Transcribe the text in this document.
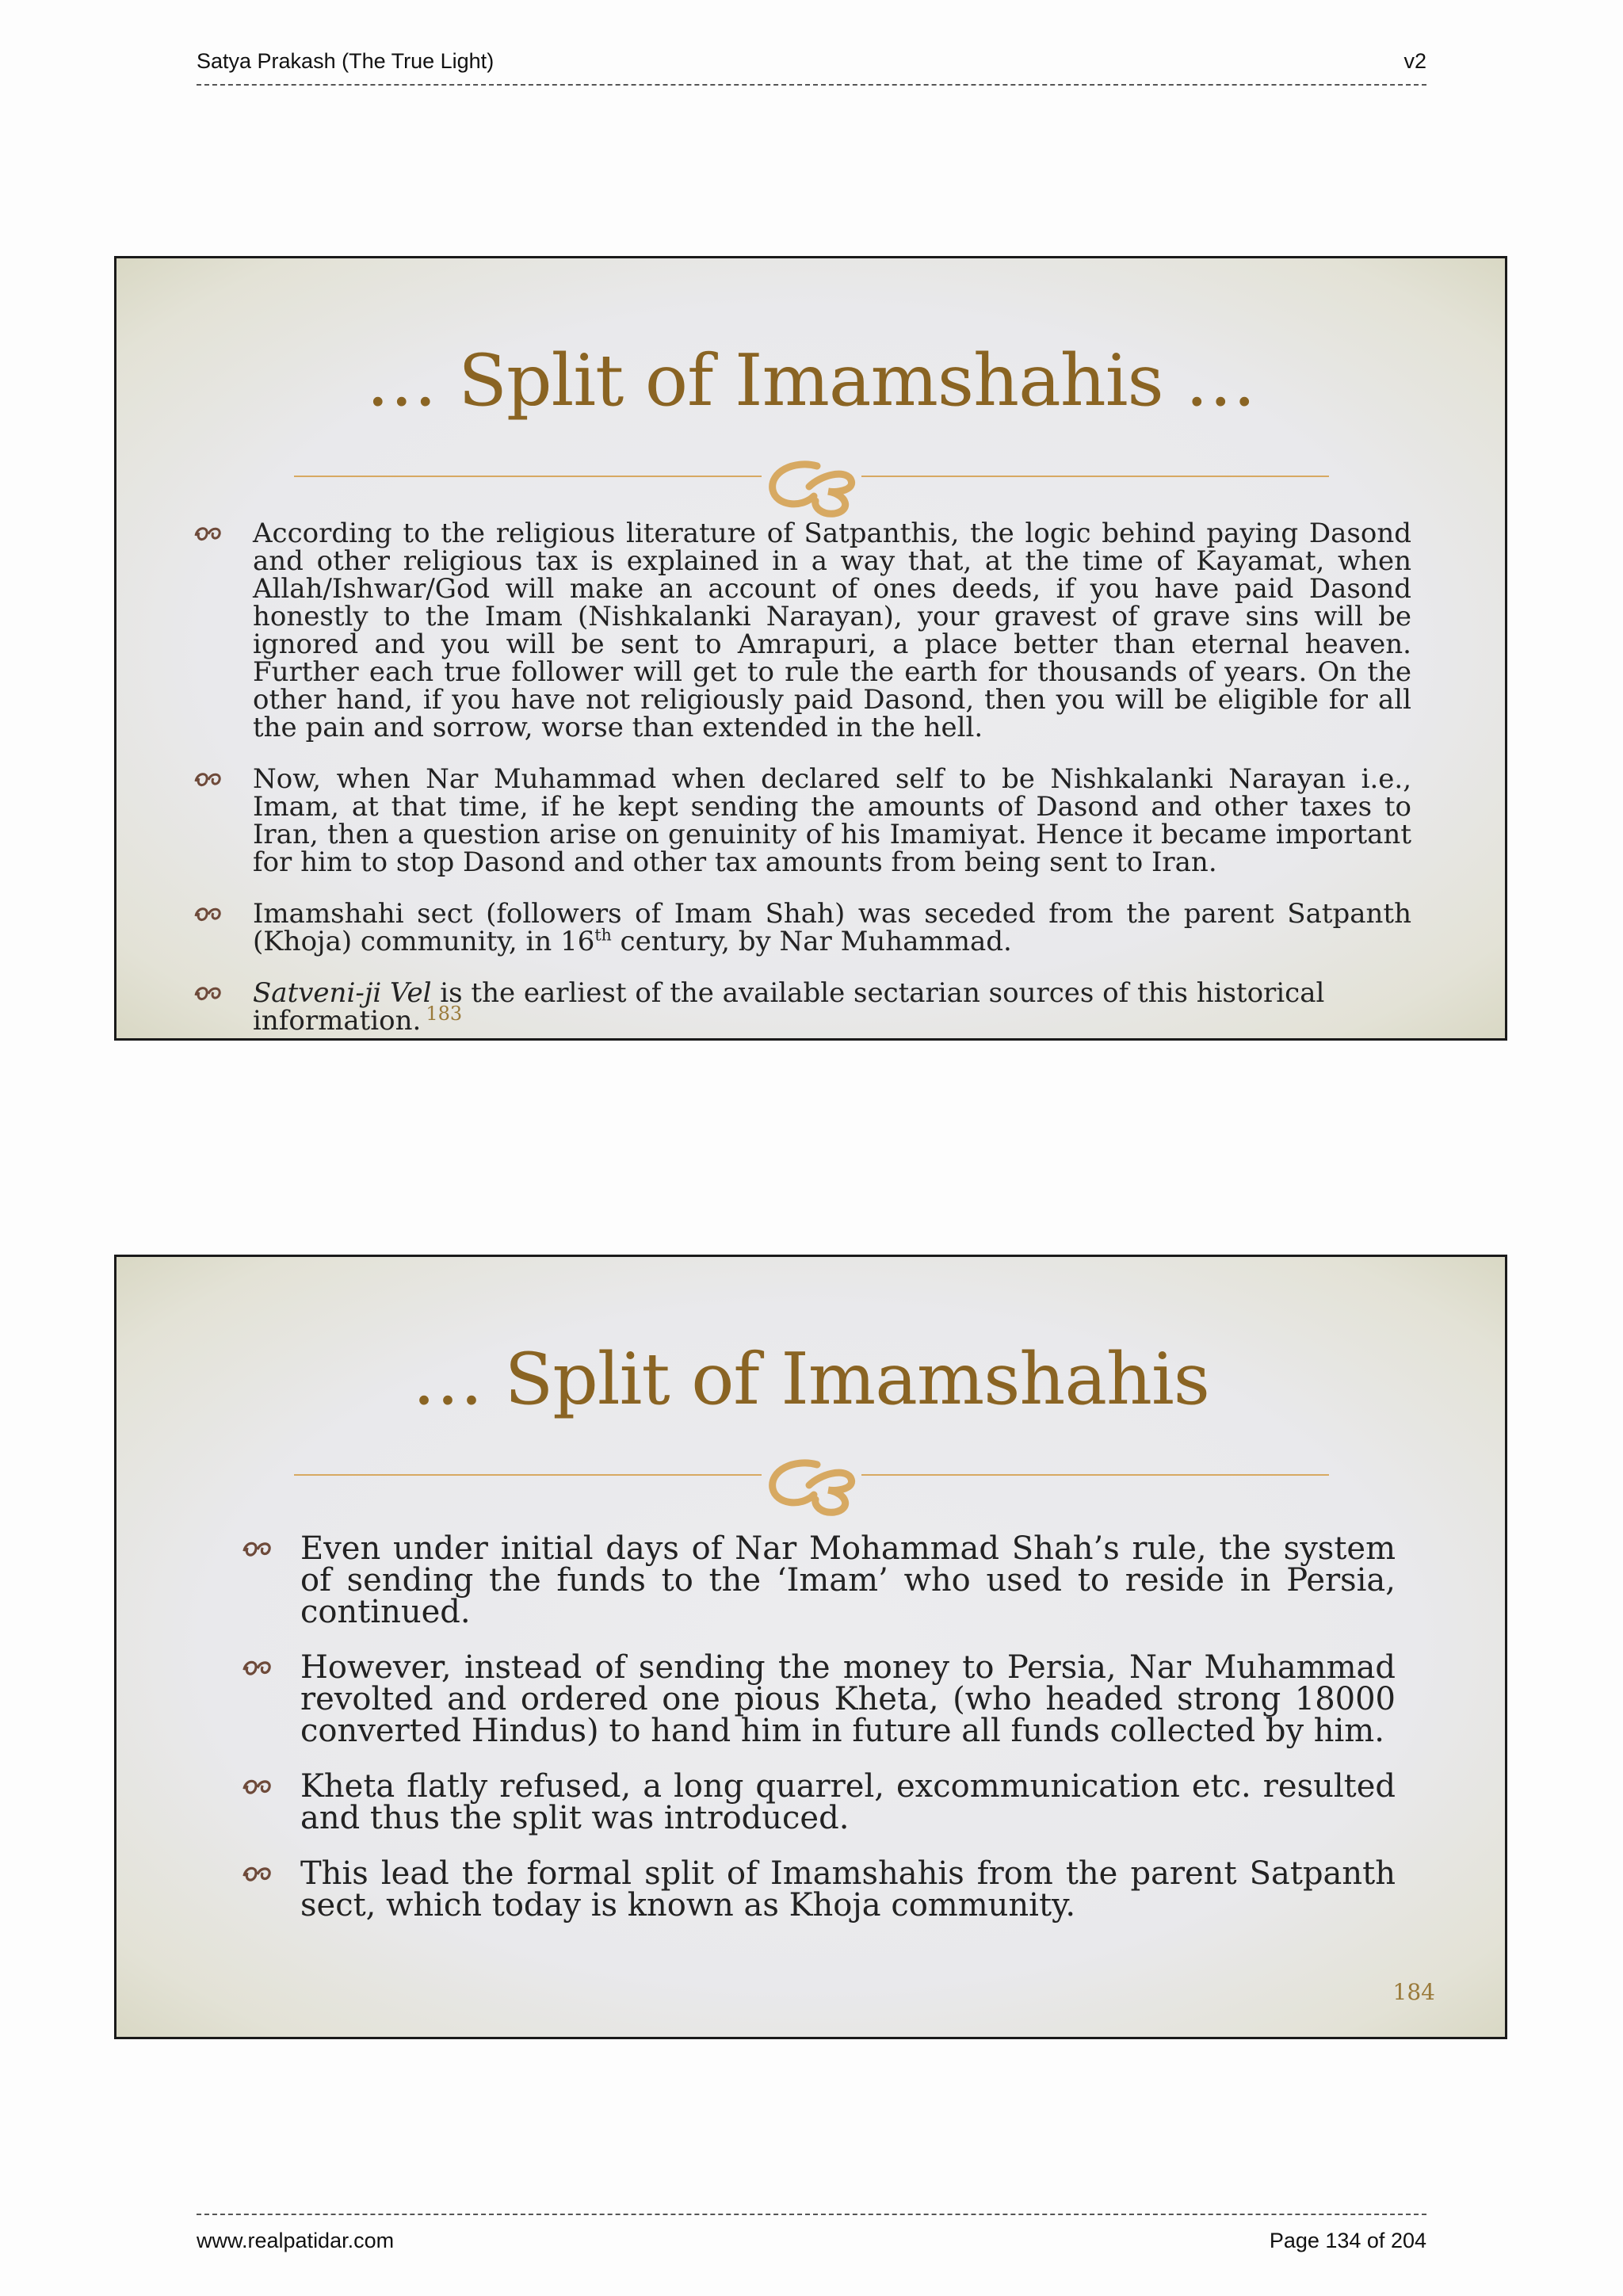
Satya Prakash (The True Light)	v2
… Split of Imamshahis …
According to the religious literature of Satpanthis, the logic behind paying Dasond and other religious tax is explained in a way that, at the time of Kayamat, when Allah/Ishwar/God will make an account of ones deeds, if you have paid Dasond honestly to the Imam (Nishkalanki Narayan), your gravest of grave sins will be ignored and you will be sent to Amrapuri, a place better than eternal heaven. Further each true follower will get to rule the earth for thousands of years. On the other hand, if you have not religiously paid Dasond, then you will be eligible for all the pain and sorrow, worse than extended in the hell.
Now, when Nar Muhammad when declared self to be Nishkalanki Narayan i.e., Imam, at that time, if he kept sending the amounts of Dasond and other taxes to Iran, then a question arise on genuinity of his Imamiyat. Hence it became important for him to stop Dasond and other tax amounts from being sent to Iran.
Imamshahi sect (followers of Imam Shah) was seceded from the parent Satpanth (Khoja) community, in 16th century, by Nar Muhammad.
Satveni-ji Vel is the earliest of the available sectarian sources of this historical information. $^{183}$
… Split of Imamshahis
Even under initial days of Nar Mohammad Shah’s rule, the system of sending the funds to the ‘Imam’ who used to reside in Persia, continued.
However, instead of sending the money to Persia, Nar Muhammad revolted and ordered one pious Kheta, (who headed strong 18000 converted Hindus) to hand him in future all funds collected by him.
Kheta flatly refused, a long quarrel, excommunication etc. resulted and thus the split was introduced.
This lead the formal split of Imamshahis from the parent Satpanth sect, which today is known as Khoja community.
184
www.realpatidar.com	Page 134 of 204
